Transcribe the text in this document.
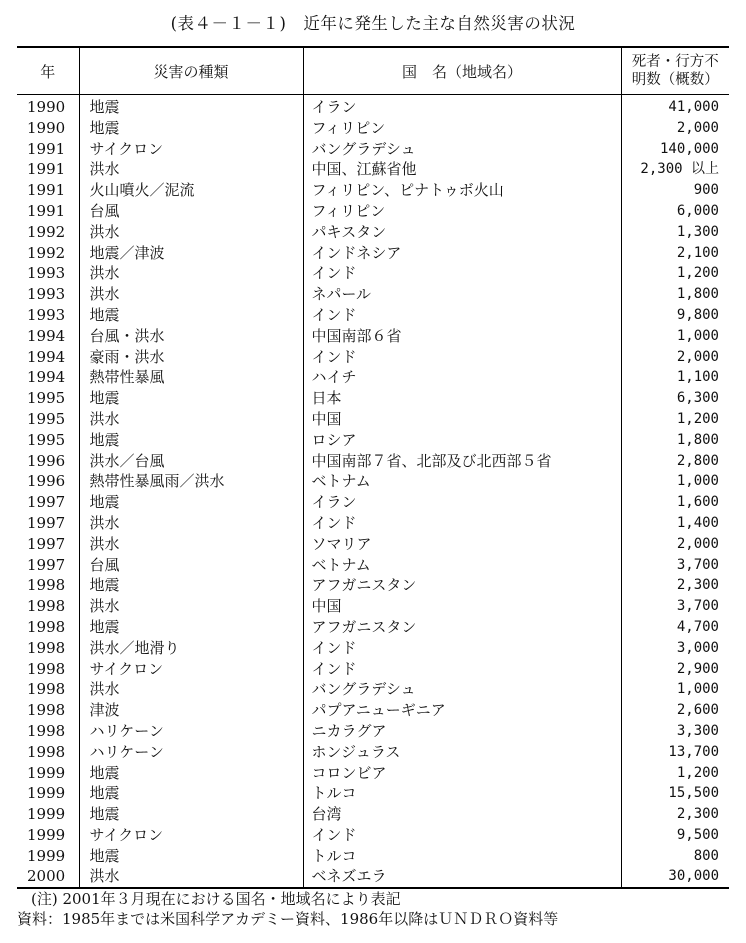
(表４－１－１)　近年に発生した主な自然災害の状況
年	災害の種類	国　名（地域名）	死者・行方不
明数（概数）

1990	地震	イラン	41,000
1990	地震	フィリピン	2,000
1991	サイクロン	バングラデシュ	140,000
1991	洪水	中国、江蘇省他	2,300 以上
1991	火山噴火／泥流	フィリピン、ピナトゥボ火山	900
1991	台風	フィリピン	6,000
1992	洪水	パキスタン	1,300
1992	地震／津波	インドネシア	2,100
1993	洪水	インド	1,200
1993	洪水	ネパール	1,800
1993	地震	インド	9,800
1994	台風・洪水	中国南部６省	1,000
1994	豪雨・洪水	インド	2,000
1994	熱帯性暴風	ハイチ	1,100
1995	地震	日本	6,300
1995	洪水	中国	1,200
1995	地震	ロシア	1,800
1996	洪水／台風	中国南部７省、北部及び北西部５省	2,800
1996	熱帯性暴風雨／洪水	ベトナム	1,000
1997	地震	イラン	1,600
1997	洪水	インド	1,400
1997	洪水	ソマリア	2,000
1997	台風	ベトナム	3,700
1998	地震	アフガニスタン	2,300
1998	洪水	中国	3,700
1998	地震	アフガニスタン	4,700
1998	洪水／地滑り	インド	3,000
1998	サイクロン	インド	2,900
1998	洪水	バングラデシュ	1,000
1998	津波	パプアニューギニア	2,600
1998	ハリケーン	ニカラグア	3,300
1998	ハリケーン	ホンジュラス	13,700
1999	地震	コロンビア	1,200
1999	地震	トルコ	15,500
1999	地震	台湾	2,300
1999	サイクロン	インド	9,500
1999	地震	トルコ	800
2000	洪水	ベネズエラ	30,000
(注) 2001年３月現在における国名・地域名により表記
資料：1985年までは米国科学アカデミー資料、1986年以降はＵＮＤＲＯ資料等
